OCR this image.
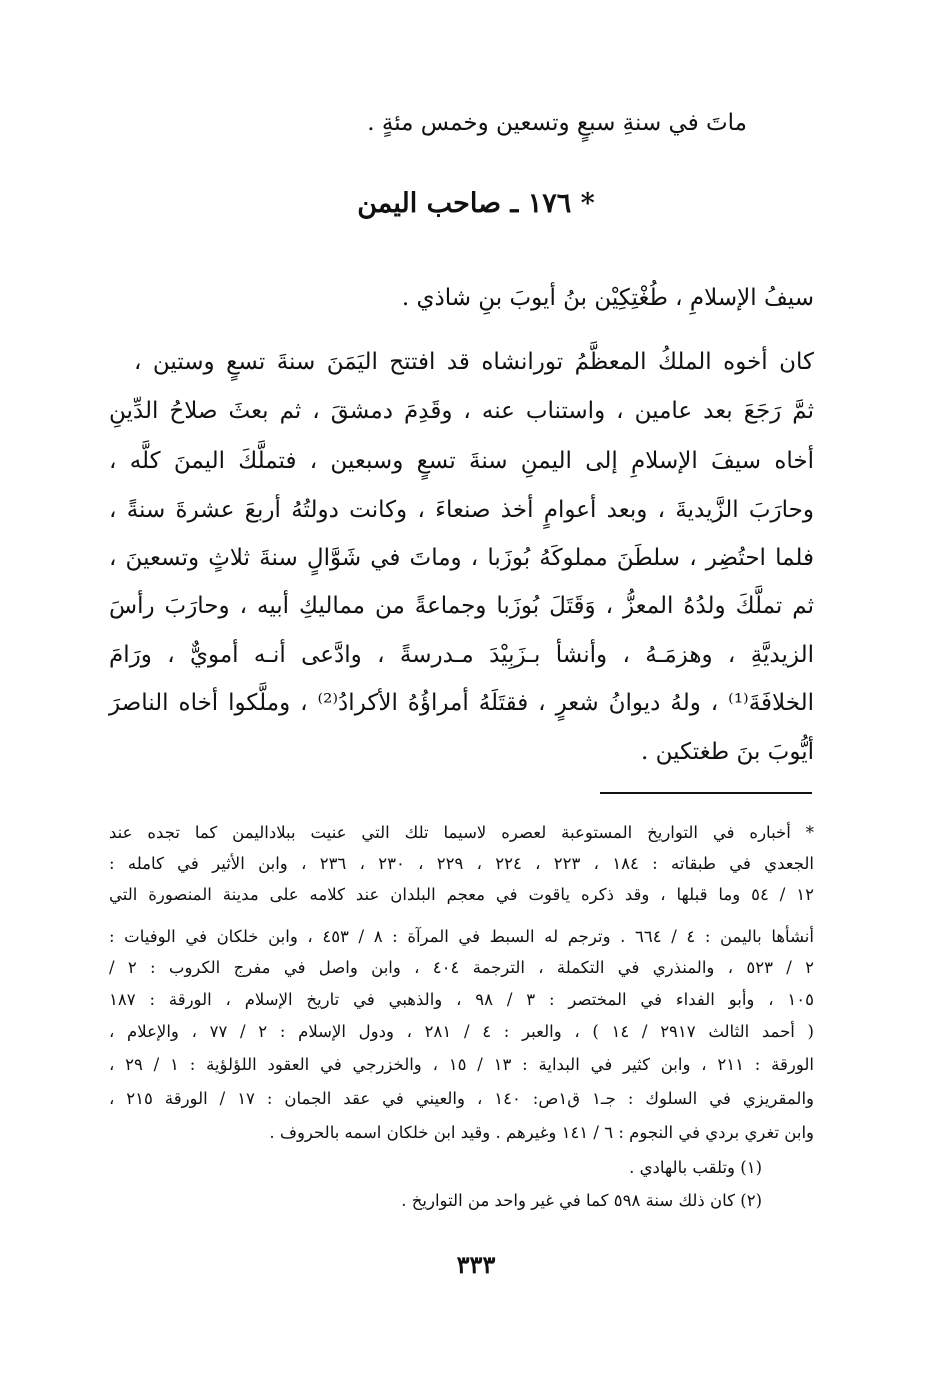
ماتَ في سنةِ سبعٍ وتسعين وخمس مئةٍ .
١٧٦ ـ صاحب اليمن *
سيفُ الإسلامِ ، طُغْتِكِيْن بنُ أيوبَ بنِ شاذي .
كان أخوه الملكُ المعظَّمُ تورانشاه قد افتتح اليَمَنَ سنةَ تسعٍ وستين ،
ثمَّ رَجَعَ بعد عامين ، واستناب عنه ، وقَدِمَ دمشقَ ، ثم بعثَ صلاحُ الدِّينِ
أخاه سيفَ الإسلامِ إلى اليمنِ سنةَ تسعٍ وسبعين ، فتملَّكَ اليمنَ كلَّه ،
وحارَبَ الزَّيديةَ ، وبعد أعوامٍ أخذ صنعاءَ ، وكانت دولتُهُ أربعَ عشرةَ سنةً ،
فلما احتُضِر ، سلطَنَ مملوكَهُ بُوزَبا ، وماتَ في شَوَّالٍ سنةَ ثلاثٍ وتسعينَ ،
ثم تملَّكَ ولدُهُ المعزُّ ، وَقَتَلَ بُوزَبا وجماعةً من مماليكِ أبيه ، وحارَبَ رأسَ
الزيديَّةِ ، وهزمَـهُ ، وأنشأ بـزَبِيْدَ مـدرسةً ، وادَّعى أنـه أمويٌّ ، ورَامَ
الخلافَةَ⁽¹⁾ ، ولهُ ديوانُ شعرٍ ، فقتَلَهُ أمراؤُهُ الأكرادُ⁽²⁾ ، وملَّكوا أخاه الناصرَ
أيُّوبَ بنَ طغتكين .
* أخباره في التواريخ المستوعبة لعصره لاسيما تلك التي عنيت ببلاداليمن كما تجده عند
الجعدي في طبقاته : ١٨٤ ، ٢٢٣ ، ٢٢٤ ، ٢٢٩ ، ٢٣٠ ، ٢٣٦ ، وابن الأثير في كامله :
١٢ / ٥٤ وما قبلها ، وقد ذكره ياقوت في معجم البلدان عند كلامه على مدينة المنصورة التي
أنشأها باليمن : ٤ / ٦٦٤ . وترجم له السبط في المرآة : ٨ / ٤٥٣ ، وابن خلكان في الوفيات :
٢ / ٥٢٣ ، والمنذري في التكملة ، الترجمة ٤٠٤ ، وابن واصل في مفرج الكروب : ٢ /
١٠٥ ، وأبو الفداء في المختصر : ٣ / ٩٨ ، والذهبي في تاريخ الإسلام ، الورقة : ١٨٧
( أحمد الثالث ٢٩١٧ / ١٤ ) ، والعبر : ٤ / ٢٨١ ، ودول الإسلام : ٢ / ٧٧ ، والإعلام ،
الورقة : ٢١١ ، وابن كثير في البداية : ١٣ / ١٥ ، والخزرجي في العقود اللؤلؤية : ١ / ٢٩ ،
والمقريزي في السلوك : جـ١ ق١ص: ١٤٠ ، والعيني في عقد الجمان : ١٧ / الورقة ٢١٥ ،
وابن تغري بردي في النجوم : ٦ / ١٤١ وغيرهم . وقيد ابن خلكان اسمه بالحروف .
(١) وتلقب بالهادي .
(٢) كان ذلك سنة ٥٩٨ كما في غير واحد من التواريخ .
٣٣٣
